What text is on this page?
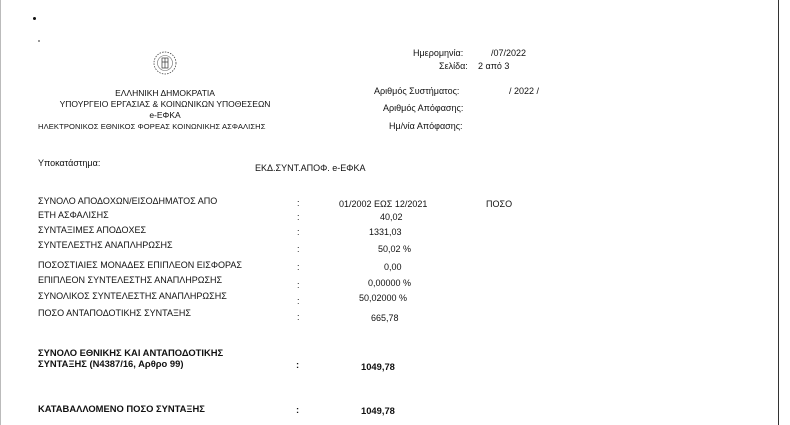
ΕΛΛΗΝΙΚΗ ΔΗΜΟΚΡΑΤΙΑ
ΥΠΟΥΡΓΕΙΟ ΕΡΓΑΣΙΑΣ & ΚΟΙΝΩΝΙΚΩΝ ΥΠΟΘΕΣΕΩΝ
e-ΕΦΚΑ
ΗΛΕΚΤΡΟΝΙΚΟΣ ΕΘΝΙΚΟΣ ΦΟΡΕΑΣ ΚΟΙΝΩΝΙΚΗΣ ΑΣΦΑΛΙΣΗΣ
Ημερομηνία:	/07/2022
Σελίδα: 2 από 3
Αριθμός Συστήματος:	/ 2022 /
Αριθμός Απόφασης:
Ημ/νία Απόφασης:
Υποκατάστημα:	ΕΚΔ.ΣΥΝΤ.ΑΠΟΦ. e-ΕΦΚΑ
ΣΥΝΟΛΟ ΑΠΟΔΟΧΩΝ/ΕΙΣΟΔΗΜΑΤΟΣ ΑΠΟ	:	01/2002 ΕΩΣ 12/2021	ΠΟΣΟ
ΕΤΗ ΑΣΦΑΛΙΣΗΣ	:	40,02
ΣΥΝΤΑΞΙΜΕΣ ΑΠΟΔΟΧΕΣ	:	1331,03
ΣΥΝΤΕΛΕΣΤΗΣ ΑΝΑΠΛΗΡΩΣΗΣ	:	50,02 %
ΠΟΣΟΣΤΙΑΙΕΣ ΜΟΝΑΔΕΣ ΕΠΙΠΛΕΟΝ ΕΙΣΦΟΡΑΣ	:	0,00
ΕΠΙΠΛΕΟΝ ΣΥΝΤΕΛΕΣΤΗΣ ΑΝΑΠΛΗΡΩΣΗΣ	:	0,00000 %
ΣΥΝΟΛΙΚΟΣ ΣΥΝΤΕΛΕΣΤΗΣ ΑΝΑΠΛΗΡΩΣΗΣ	:	50,02000 %
ΠΟΣΟ ΑΝΤΑΠΟΔΟΤΙΚΗΣ ΣΥΝΤΑΞΗΣ	:	665,78
ΣΥΝΟΛΟ ΕΘΝΙΚΗΣ ΚΑΙ ΑΝΤΑΠΟΔΟΤΙΚΗΣ
ΣΥΝΤΑΞΗΣ (Ν4387/16, Αρθρο 99)	:	1049,78
ΚΑΤΑΒΑΛΛΟΜΕΝΟ ΠΟΣΟ ΣΥΝΤΑΞΗΣ	:	1049,78
